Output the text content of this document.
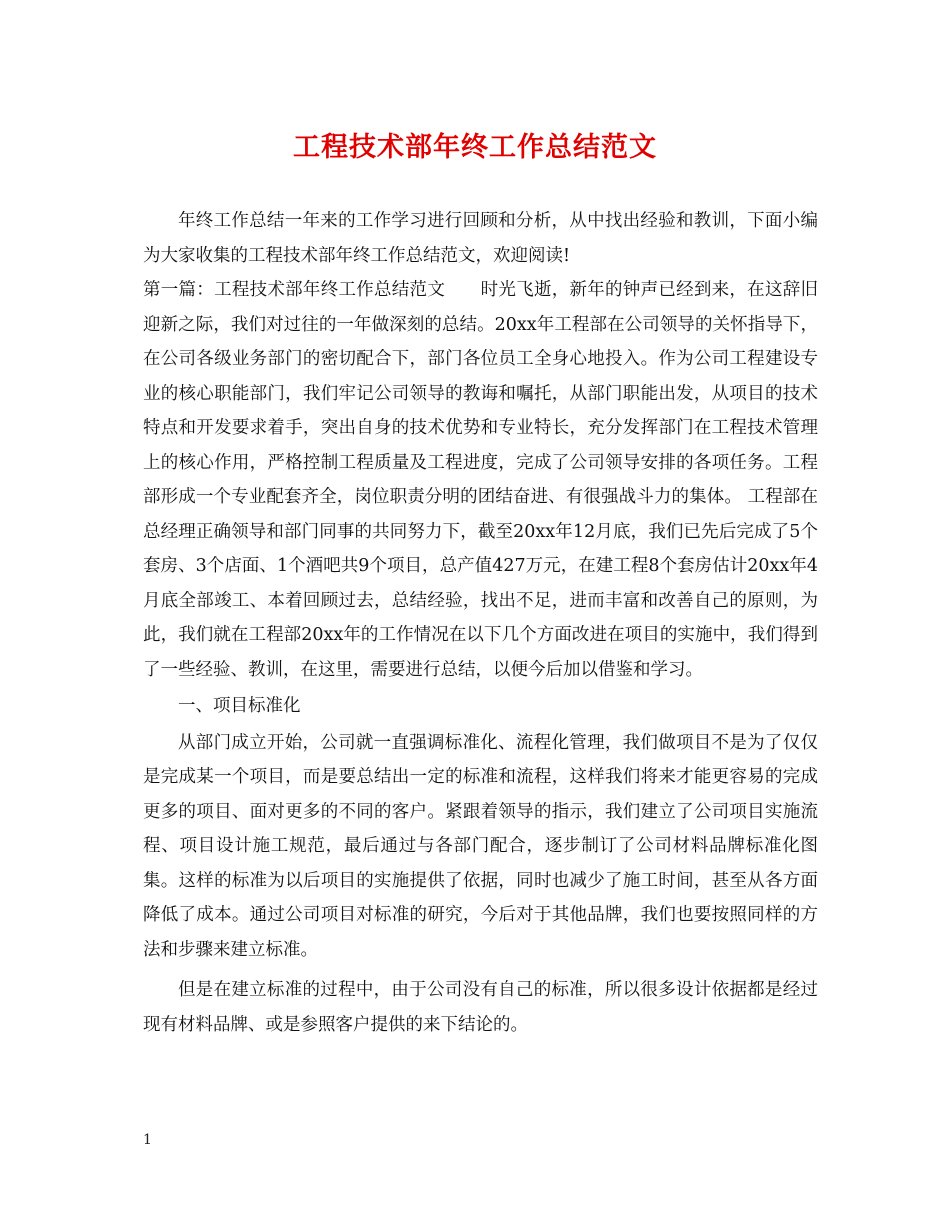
工程技术部年终工作总结范文

年终工作总结一年来的工作学习进行回顾和分析，从中找出经验和教训，下面小编为大家收集的工程技术部年终工作总结范文，欢迎阅读!

第一篇：工程技术部年终工作总结范文　　时光飞逝，新年的钟声已经到来，在这辞旧迎新之际，我们对过往的一年做深刻的总结。20xx年工程部在公司领导的关怀指导下，在公司各级业务部门的密切配合下，部门各位员工全身心地投入。作为公司工程建设专业的核心职能部门，我们牢记公司领导的教诲和嘱托，从部门职能出发，从项目的技术特点和开发要求着手，突出自身的技术优势和专业特长，充分发挥部门在工程技术管理上的核心作用，严格控制工程质量及工程进度，完成了公司领导安排的各项任务。工程部形成一个专业配套齐全，岗位职责分明的团结奋进、有很强战斗力的集体。 工程部在总经理正确领导和部门同事的共同努力下，截至20xx年12月底，我们已先后完成了5个套房、3个店面、1个酒吧共9个项目，总产值427万元，在建工程8个套房估计20xx年4月底全部竣工、本着回顾过去，总结经验，找出不足，进而丰富和改善自己的原则，为此，我们就在工程部20xx年的工作情况在以下几个方面改进在项目的实施中，我们得到了一些经验、教训，在这里，需要进行总结，以便今后加以借鉴和学习。

一、项目标准化

从部门成立开始，公司就一直强调标准化、流程化管理，我们做项目不是为了仅仅是完成某一个项目，而是要总结出一定的标准和流程，这样我们将来才能更容易的完成更多的项目、面对更多的不同的客户。紧跟着领导的指示，我们建立了公司项目实施流程、项目设计施工规范，最后通过与各部门配合，逐步制订了公司材料品牌标准化图集。这样的标准为以后项目的实施提供了依据，同时也减少了施工时间，甚至从各方面降低了成本。通过公司项目对标准的研究，今后对于其他品牌，我们也要按照同样的方法和步骤来建立标准。

但是在建立标准的过程中，由于公司没有自己的标准，所以很多设计依据都是经过现有材料品牌、或是参照客户提供的来下结论的。

1
